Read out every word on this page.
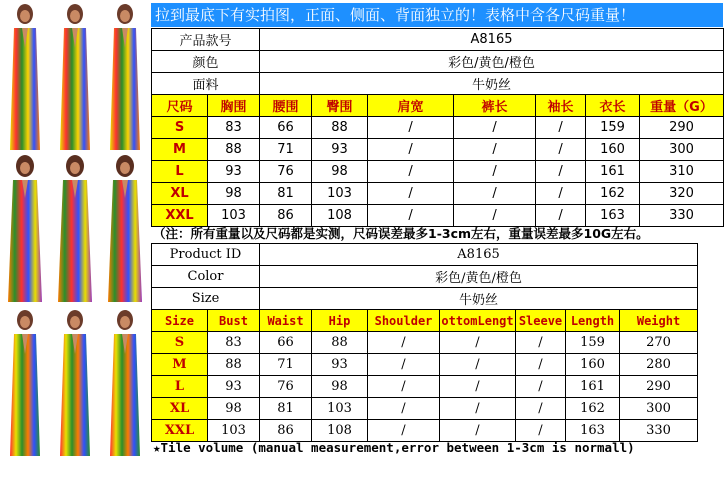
拉到最底下有实拍图，正面、侧面、背面独立的！表格中含各尺码重量！
产品款号		A8165						
颜色		彩色/黄色/橙色						
面料		牛奶丝						
尺码	胸围	腰围	臀围	肩宽	裤长	袖长	衣长	重量（G）
S	83	66	88	/	/	/	159	290
M	88	71	93	/	/	/	160	300
L	93	76	98	/	/	/	161	310
XL	98	81	103	/	/	/	162	320
XXL	103	86	108	/	/	/	163	330
（注：所有重量以及尺码都是实测，尺码误差最多1-3cm左右，重量误差最多10G左右。
Product ID		A8165						
Color		彩色/黄色/橙色						
Size		牛奶丝						
Size	Bust	Waist	Hip	Shoulder	ottomLengt	Sleeve	Length	Weight
S	83	66	88	/	/	/	159	270
M	88	71	93	/	/	/	160	280
L	93	76	98	/	/	/	161	290
XL	98	81	103	/	/	/	162	300
XXL	103	86	108	/	/	/	163	330
★Tile volume (manual measurement,error between 1-3cm is normall)
